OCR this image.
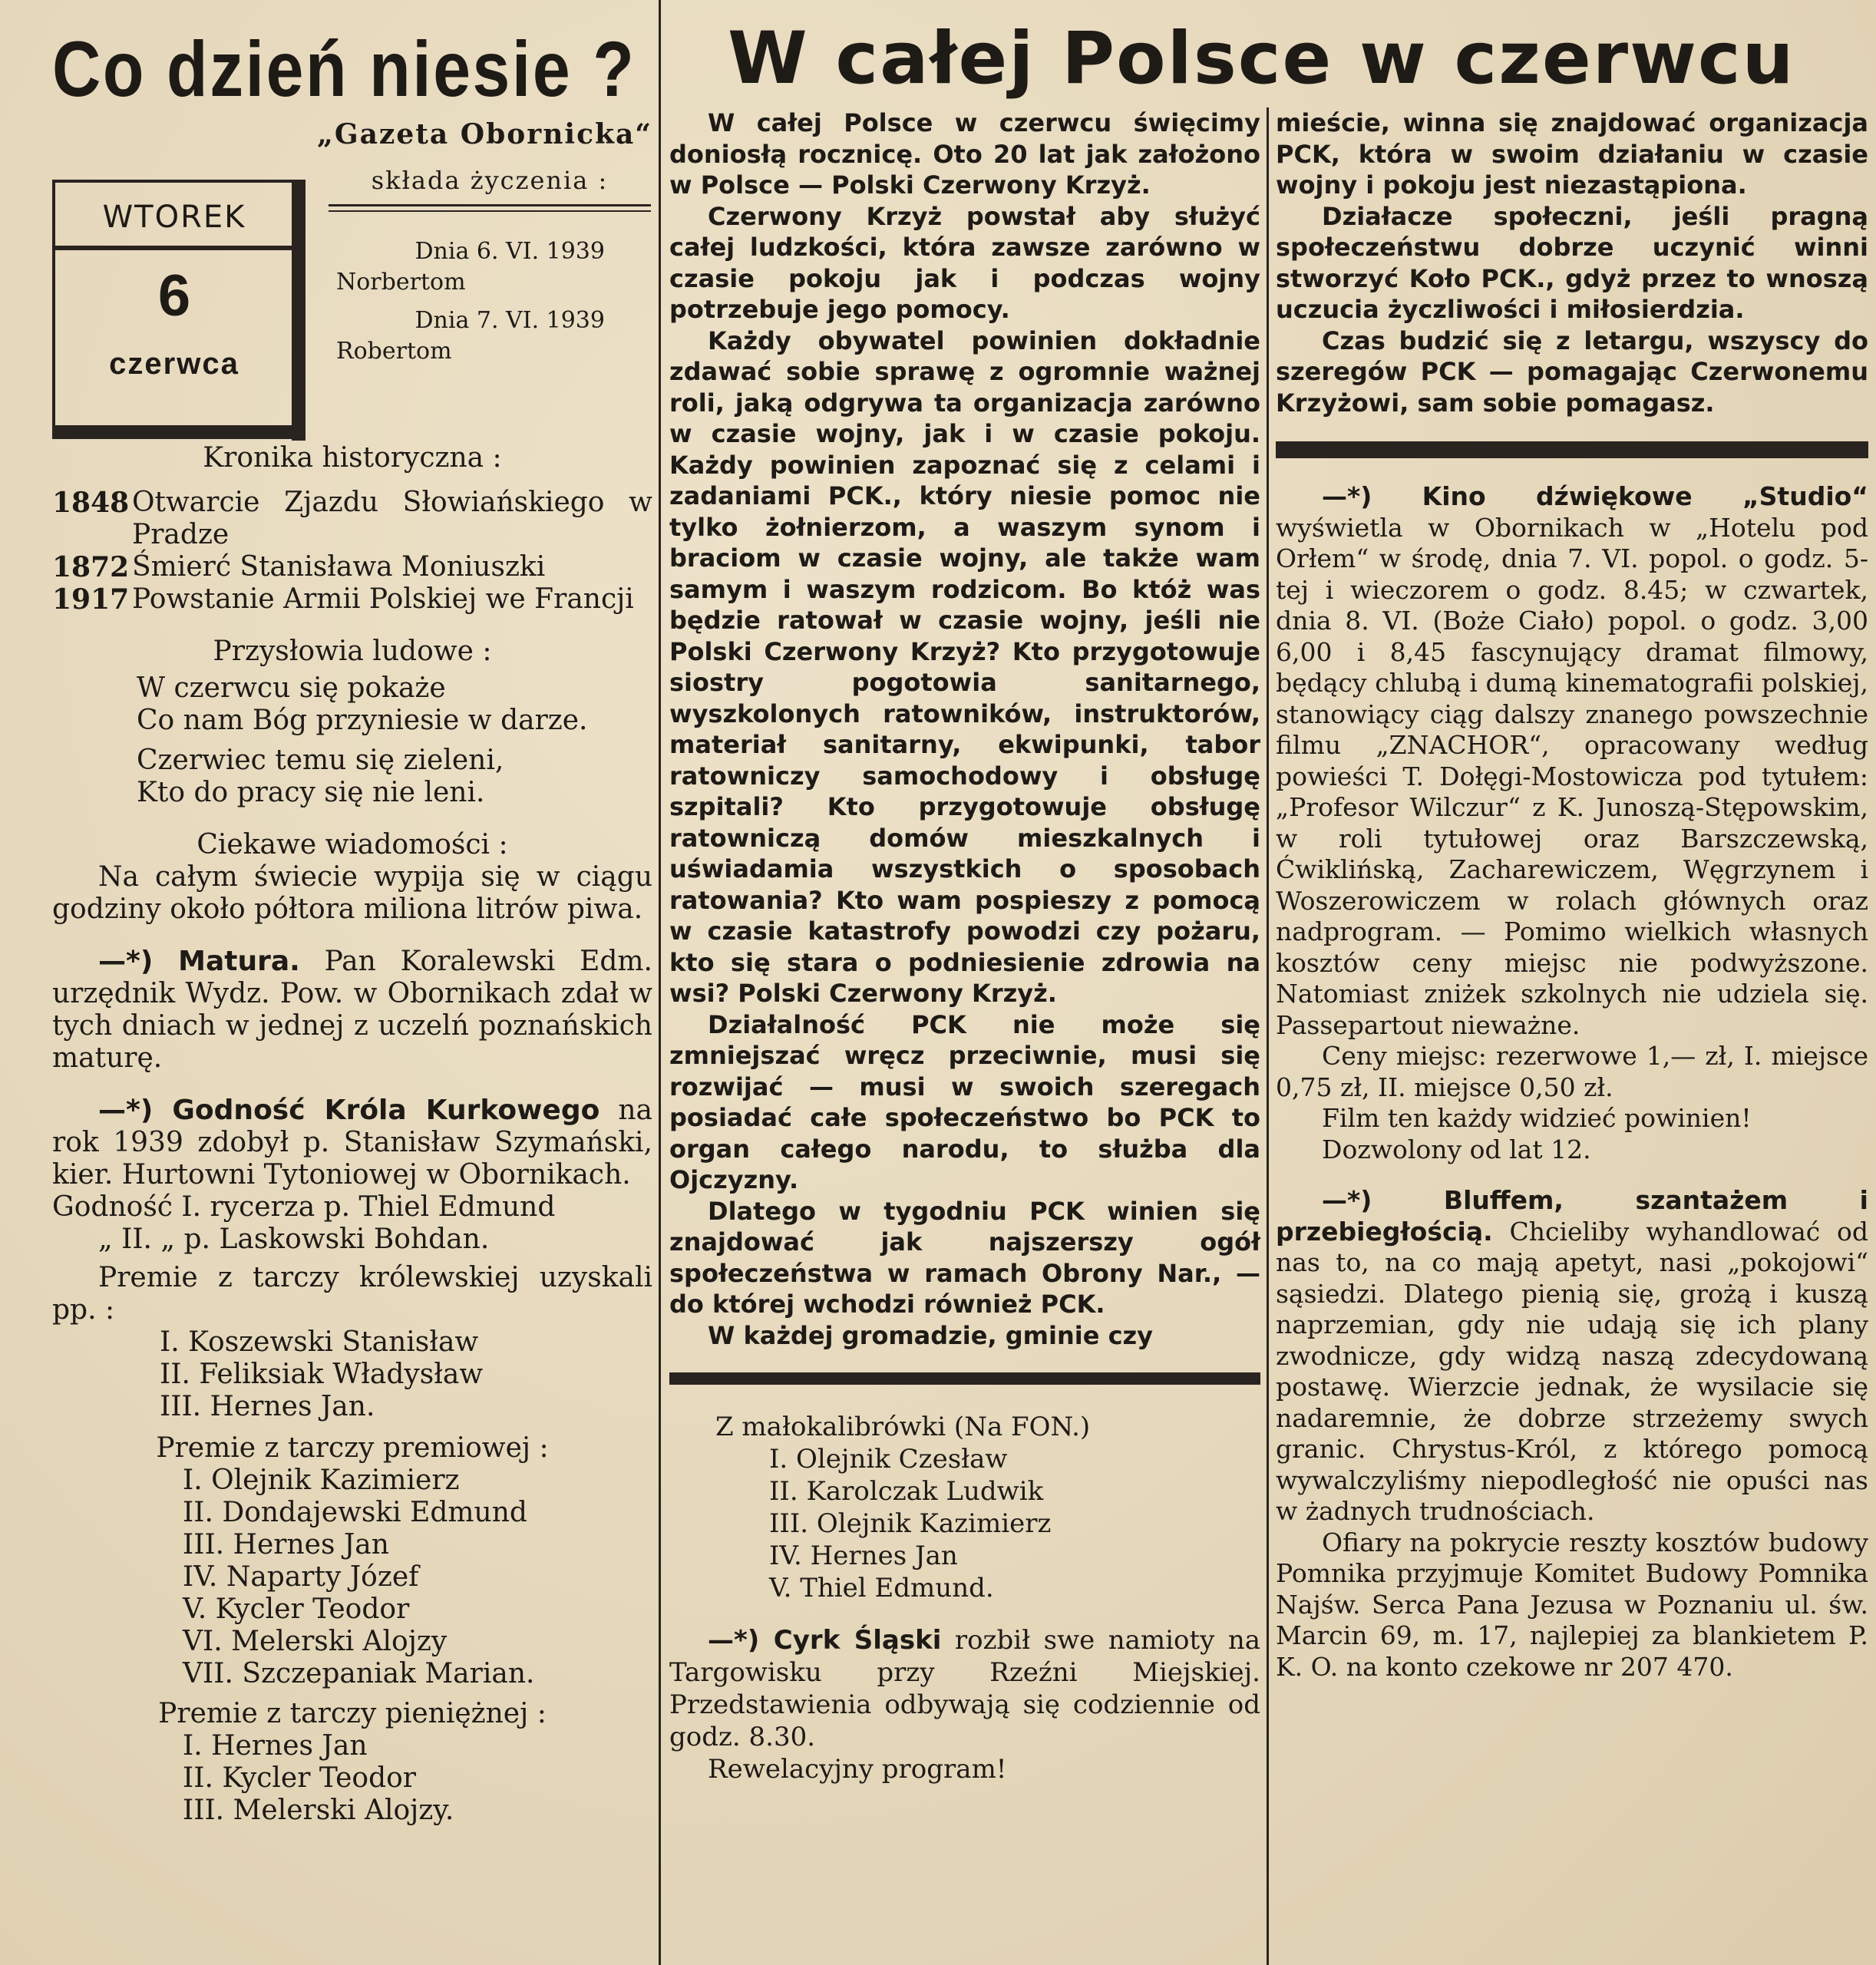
W całej Polsce w czerwcu
Co dzień niesie ?
„Gazeta Obornicka“
WTOREK
6
czerwca
składa życzenia :
Dnia 6. VI. 1939
Norbertom
Dnia 7. VI. 1939
Robertom

Kronika historyczna :

1848 Otwarcie Zjazdu Słowiańskiego w Pradze
1872 Śmierć Stanisława Moniuszki
1917 Powstanie Armii Polskiej we Francji

Przysłowia ludowe :

W czerwcu się pokaże

Co nam Bóg przyniesie w darze.

Czerwiec temu się zieleni,

Kto do pracy się nie leni.

Ciekawe wiadomości :

Na całym świecie wypija się w ciągu godziny około półtora miliona litrów piwa.

—*) Matura. Pan Koralewski Edm. urzędnik Wydz. Pow. w Obornikach zdał w tych dniach w jednej z uczelń poznańskich maturę.

—*) Godność Króla Kurkowego na rok 1939 zdobył p. Stanisław Szymański, kier. Hurtowni Tytoniowej w Obornikach.

Godność I. rycerza p. Thiel Edmund

„ II. „ p. Laskowski Bohdan.

Premie z tarczy królewskiej uzyskali pp. :

I. Koszewski Stanisław

II. Feliksiak Władysław

III. Hernes Jan.

Premie z tarczy premiowej :

I. Olejnik Kazimierz

II. Dondajewski Edmund

III. Hernes Jan

IV. Naparty Józef

V. Kycler Teodor

VI. Melerski Alojzy

VII. Szczepaniak Marian.

Premie z tarczy pieniężnej :

I. Hernes Jan

II. Kycler Teodor

III. Melerski Alojzy.

W całej Polsce w czerwcu święcimy doniosłą rocznicę. Oto 20 lat jak założono w Polsce — Polski Czerwony Krzyż.

Czerwony Krzyż powstał aby służyć całej ludzkości, która zawsze zarówno w czasie pokoju jak i podczas wojny potrzebuje jego pomocy.

Każdy obywatel powinien dokładnie zdawać sobie sprawę z ogromnie ważnej roli, jaką odgrywa ta organizacja zarówno w czasie wojny, jak i w czasie pokoju. Każdy powinien zapoznać się z celami i zadaniami PCK., który niesie pomoc nie tylko żołnierzom, a waszym synom i braciom w czasie wojny, ale także wam samym i waszym rodzicom. Bo któż was będzie ratował w czasie wojny, jeśli nie Polski Czerwony Krzyż? Kto przygotowuje siostry pogotowia sanitarnego, wyszkolonych ratowników, instruktorów, materiał sanitarny, ekwipunki, tabor ratowniczy samochodowy i obsługę szpitali? Kto przygotowuje obsługę ratowniczą domów mieszkalnych i uświadamia wszystkich o sposobach ratowania? Kto wam pospieszy z pomocą w czasie katastrofy powodzi czy pożaru, kto się stara o podniesienie zdrowia na wsi? Polski Czerwony Krzyż.

Działalność PCK nie może się zmniejszać wręcz przeciwnie, musi się rozwijać — musi w swoich szeregach posiadać całe społeczeństwo bo PCK to organ całego narodu, to służba dla Ojczyzny.

Dlatego w tygodniu PCK winien się znajdować jak najszerszy ogół społeczeństwa w ramach Obrony Nar., — do której wchodzi również PCK.

W każdej gromadzie, gminie czy

Z małokalibrówki (Na FON.)

I. Olejnik Czesław

II. Karolczak Ludwik

III. Olejnik Kazimierz

IV. Hernes Jan

V. Thiel Edmund.

—*) Cyrk Śląski rozbił swe namioty na Targowisku przy Rzeźni Miejskiej. Przedstawienia odbywają się codziennie od godz. 8.30.

Rewelacyjny program!

mieście, winna się znajdować organizacja PCK, która w swoim działaniu w czasie wojny i pokoju jest niezastąpiona.

Działacze społeczni, jeśli pragną społeczeństwu dobrze uczynić winni stworzyć Koło PCK., gdyż przez to wnoszą uczucia życzliwości i miłosierdzia.

Czas budzić się z letargu, wszyscy do szeregów PCK — pomagając Czerwonemu Krzyżowi, sam sobie pomagasz.

—*) Kino dźwiękowe „Studio“ wyświetla w Obornikach w „Hotelu pod Orłem“ w środę, dnia 7. VI. popol. o godz. 5-tej i wieczorem o godz. 8.45; w czwartek, dnia 8. VI. (Boże Ciało) popol. o godz. 3,00 6,00 i 8,45 fascynujący dramat filmowy, będący chlubą i dumą kinematografii polskiej, stanowiący ciąg dalszy znanego powszechnie filmu „ZNACHOR“, opracowany według powieści T. Dołęgi-Mostowicza pod tytułem: „Profesor Wilczur“ z K. Junoszą-Stępowskim, w roli tytułowej oraz Barszczewską, Ćwiklińską, Zacharewiczem, Węgrzynem i Woszerowiczem w rolach głównych oraz nadprogram. — Pomimo wielkich własnych kosztów ceny miejsc nie podwyższone. Natomiast zniżek szkolnych nie udziela się. Passepartout nieważne.

Ceny miejsc: rezerwowe 1,— zł, I. miejsce 0,75 zł, II. miejsce 0,50 zł.

Film ten każdy widzieć powinien!

Dozwolony od lat 12.

—*) Bluffem, szantażem i przebiegłością. Chcieliby wyhandlować od nas to, na co mają apetyt, nasi „pokojowi“ sąsiedzi. Dlatego pienią się, grożą i kuszą naprzemian, gdy nie udają się ich plany zwodnicze, gdy widzą naszą zdecydowaną postawę. Wierzcie jednak, że wysilacie się nadaremnie, że dobrze strzeżemy swych granic. Chrystus-Król, z którego pomocą wywalczyliśmy niepodległość nie opuści nas w żadnych trudnościach.

Ofiary na pokrycie reszty kosztów budowy Pomnika przyjmuje Komitet Budowy Pomnika Najśw. Serca Pana Jezusa w Poznaniu ul. św. Marcin 69, m. 17, najlepiej za blankietem P. K. O. na konto czekowe nr 207 470.
